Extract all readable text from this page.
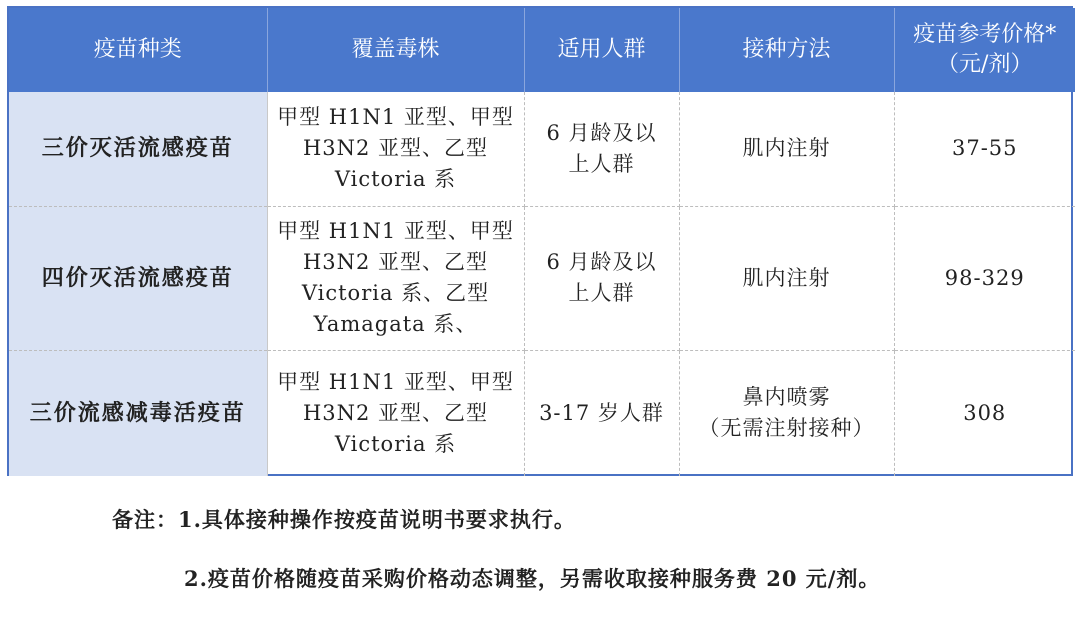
疫苗种类	覆盖毒株	适用人群	接种方法	疫苗参考价格*
（元/剂）

三价灭活流感疫苗	甲型 H1N1 亚型、甲型
H3N2 亚型、乙型
Victoria 系	6 月龄及以
上人群	肌内注射	37-55
四价灭活流感疫苗	甲型 H1N1 亚型、甲型
H3N2 亚型、乙型
Victoria 系、乙型
Yamagata 系、	6 月龄及以
上人群	肌内注射	98-329
三价流感减毒活疫苗	甲型 H1N1 亚型、甲型
H3N2 亚型、乙型
Victoria 系	3-17 岁人群	鼻内喷雾
（无需注射接种）	308
备注：1.具体接种操作按疫苗说明书要求执行。
2.疫苗价格随疫苗采购价格动态调整，另需收取接种服务费 20 元/剂。
